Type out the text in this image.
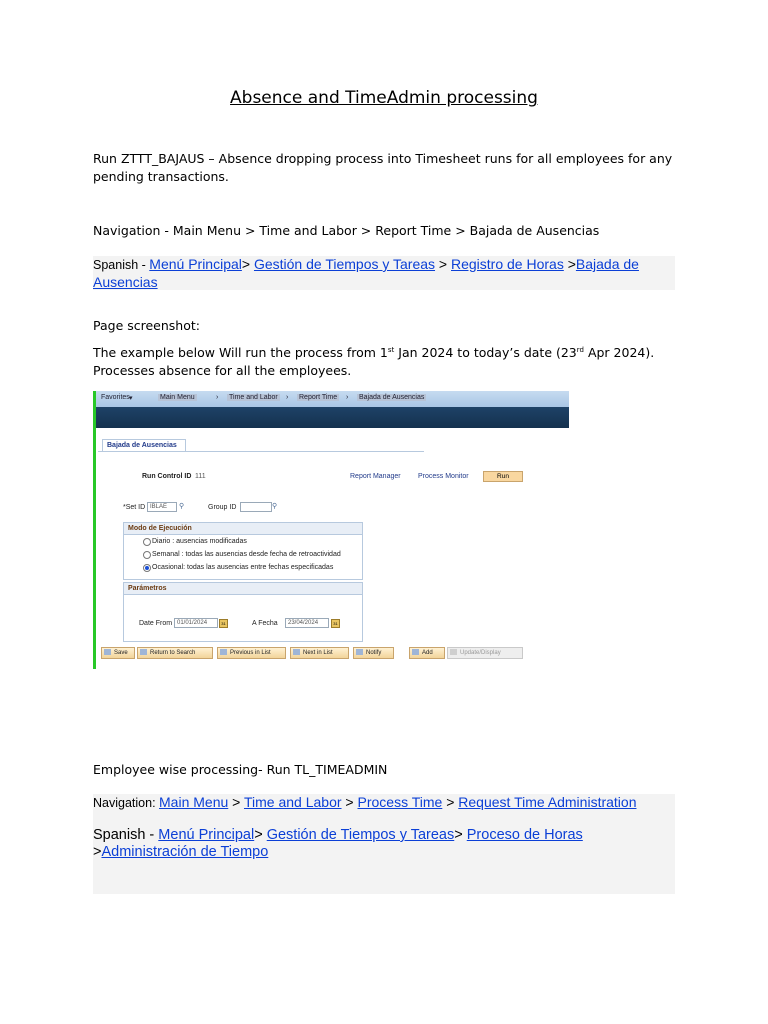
Absence and TimeAdmin processing
Run ZTTT_BAJAUS – Absence dropping process into Timesheet runs for all employees for any pending transactions.
Navigation - Main Menu > Time and Labor > Report Time > Bajada de Ausencias
Spanish - Menú Principal> Gestión de Tiempos y Tareas > Registro de Horas >Bajada de Ausencias
Page screenshot:
The example below Will run the process from 1st Jan 2024 to today’s date (23rd Apr 2024). Processes absence for all the employees.
Favorites ▾	Main Menu	› Time and Labor › Report Time › Bajada de Ausencias
Bajada de Ausencias
Run Control ID 111	Report Manager Process Monitor	Run
*Set ID IBLAE	⚲	Group ID	⚲
Modo de Ejecución
Diario : ausencias modificadas
Semanal : todas las ausencias desde fecha de retroactividad
Ocasional: todas las ausencias entre fechas especificadas
Parámetros
Date From 01/01/2024	31	A Fecha	23/04/2024	31
Save	Return to Search	Previous in List	Next in List	Notify	Add	Update/Display
Employee wise processing- Run TL_TIMEADMIN
Navigation: Main Menu > Time and Labor > Process Time > Request Time Administration
Spanish - Menú Principal> Gestión de Tiempos y Tareas> Proceso de Horas
>Administración de Tiempo
